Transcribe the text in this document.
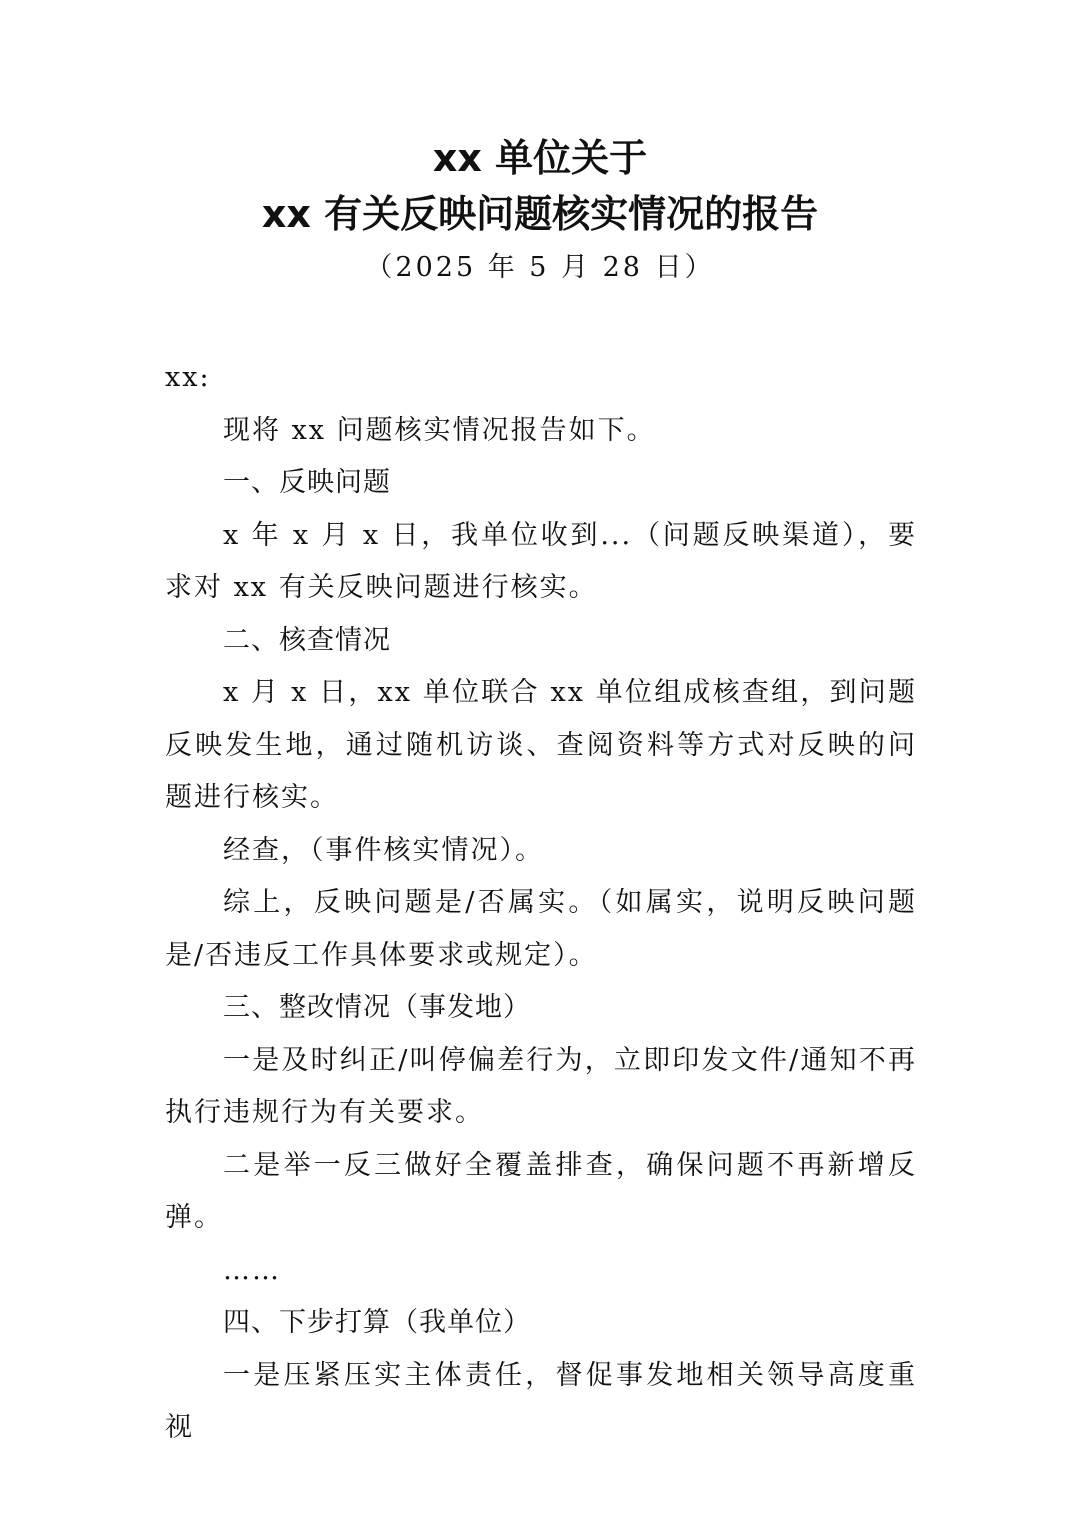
xx 单位关于
xx 有关反映问题核实情况的报告
（2025 年 5 月 28 日）

xx:

现将 xx 问题核实情况报告如下。

一、反映问题

x 年 x 月 x 日，我单位收到...（问题反映渠道），要求对 xx 有关反映问题进行核实。

二、核查情况

x 月 x 日，xx 单位联合 xx 单位组成核查组，到问题反映发生地，通过随机访谈、查阅资料等方式对反映的问题进行核实。

经查，（事件核实情况）。

综上，反映问题是/否属实。（如属实，说明反映问题是/否违反工作具体要求或规定）。

三、整改情况（事发地）

一是及时纠正/叫停偏差行为，立即印发文件/通知不再执行违规行为有关要求。

二是举一反三做好全覆盖排查，确保问题不再新增反弹。

……

四、下步打算（我单位）

一是压紧压实主体责任，督促事发地相关领导高度重视
